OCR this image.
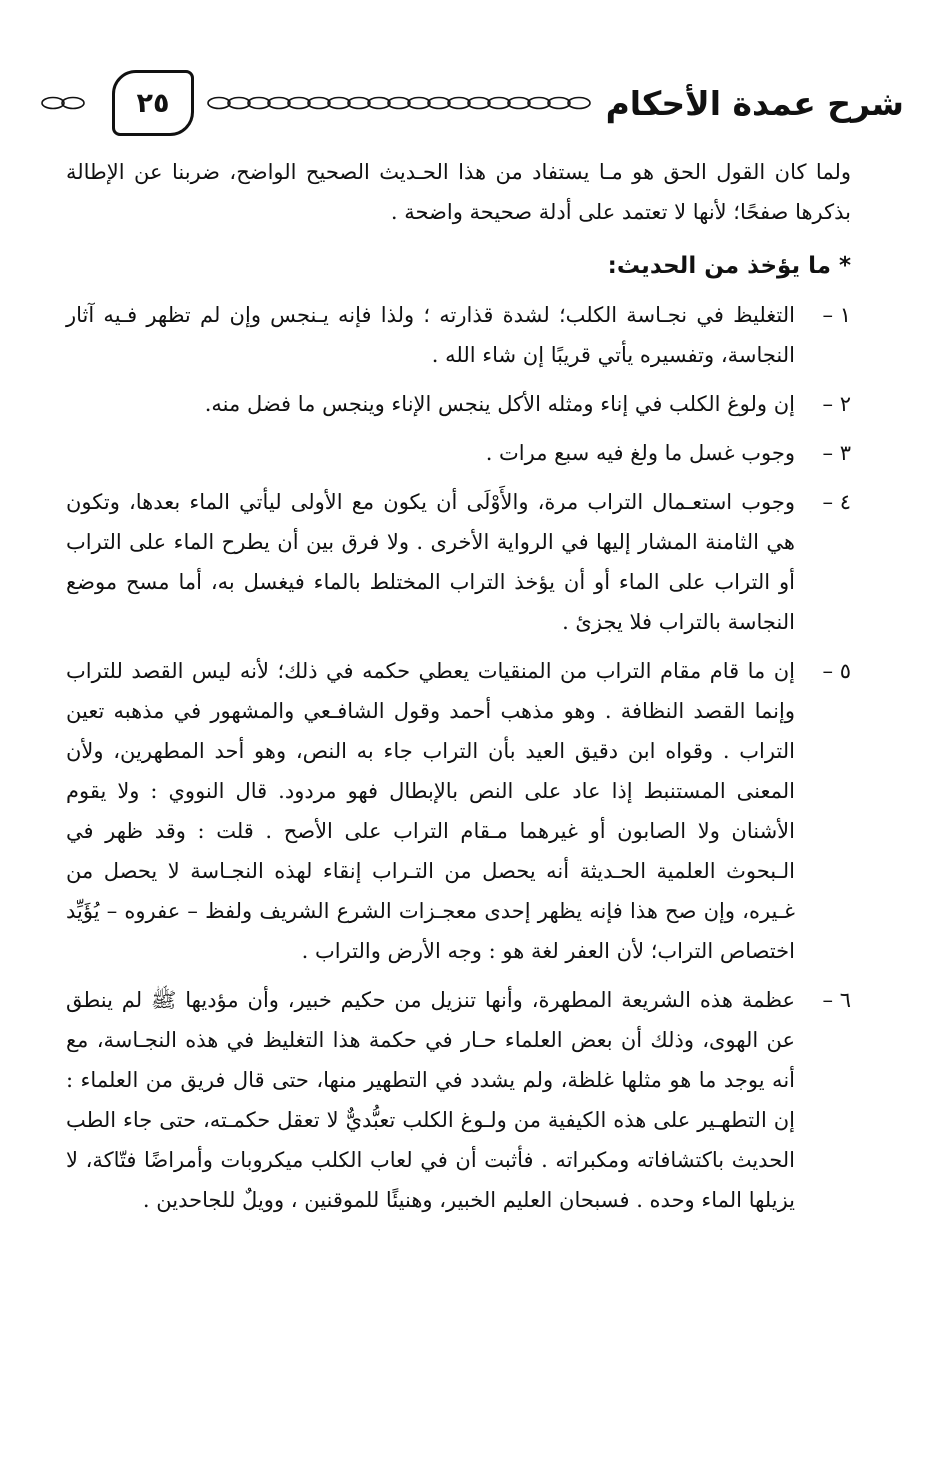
شرح عمدة الأحكام
٢٥

ولما كان القول الحق هو مـا يستفاد من هذا الحـديث الصحيح الواضح، ضربنا عن الإطالة بذكرها صفحًا؛ لأنها لا تعتمد على أدلة صحيحة واضحة .

* ما يؤخذ من الحديث:

١ –
التغليظ في نجـاسة الكلب؛ لشدة قذارته ؛ ولذا فإنه يـنجس وإن لم تظهر فـيه آثار النجاسة، وتفسيره يأتي قريبًا إن شاء الله .

٢ –
إن ولوغ الكلب في إناء ومثله الأكل ينجس الإناء وينجس ما فضل منه.

٣ –
وجوب غسل ما ولغ فيه سبع مرات .

٤ –
وجوب استعـمال التراب مرة، والأَوْلَى أن يكون مع الأولى ليأتي الماء بعدها، وتكون هي الثامنة المشار إليها في الرواية الأخرى . ولا فرق بين أن يطرح الماء على التراب أو التراب على الماء أو أن يؤخذ التراب المختلط بالماء فيغسل به، أما مسح موضع النجاسة بالتراب فلا يجزئ .

٥ –
إن ما قام مقام التراب من المنقيات يعطي حكمه في ذلك؛ لأنه ليس القصد للتراب وإنما القصد النظافة . وهو مذهب أحمد وقول الشافـعي والمشهور في مذهبه تعين التراب . وقواه ابن دقيق العيد بأن التراب جاء به النص، وهو أحد المطهرين، ولأن المعنى المستنبط إذا عاد على النص بالإبطال فهو مردود. قال النووي : ولا يقوم الأشنان ولا الصابون أو غيرهما مـقام التراب على الأصح . قلت : وقد ظهر في الـبحوث العلمية الحـديثة أنه يحصل من التـراب إنقاء لهذه النجـاسة لا يحصل من غـيره، وإن صح هذا فإنه يظهر إحدى معجـزات الشرع الشريف ولفظ – عفروه – يُؤَيِّد اختصاص التراب؛ لأن العفر لغة هو : وجه الأرض والتراب .

٦ –
عظمة هذه الشريعة المطهرة، وأنها تنزيل من حكيم خبير، وأن مؤديها ﷺ لم ينطق عن الهوى، وذلك أن بعض العلماء حـار في حكمة هذا التغليظ في هذه النجـاسة، مع أنه يوجد ما هو مثلها غلظة، ولم يشدد في التطهير منها، حتى قال فريق من العلماء : إن التطهـير على هذه الكيفية من ولـوغ الكلب تعبُّديٌّ لا تعقل حكمـته، حتى جاء الطب الحديث باكتشافاته ومكبراته . فأثبت أن في لعاب الكلب ميكروبات وأمراضًا فتّاكة، لا يزيلها الماء وحده . فسبحان العليم الخبير، وهنيئًا للموقنين ، وويلٌ للجاحدين .
